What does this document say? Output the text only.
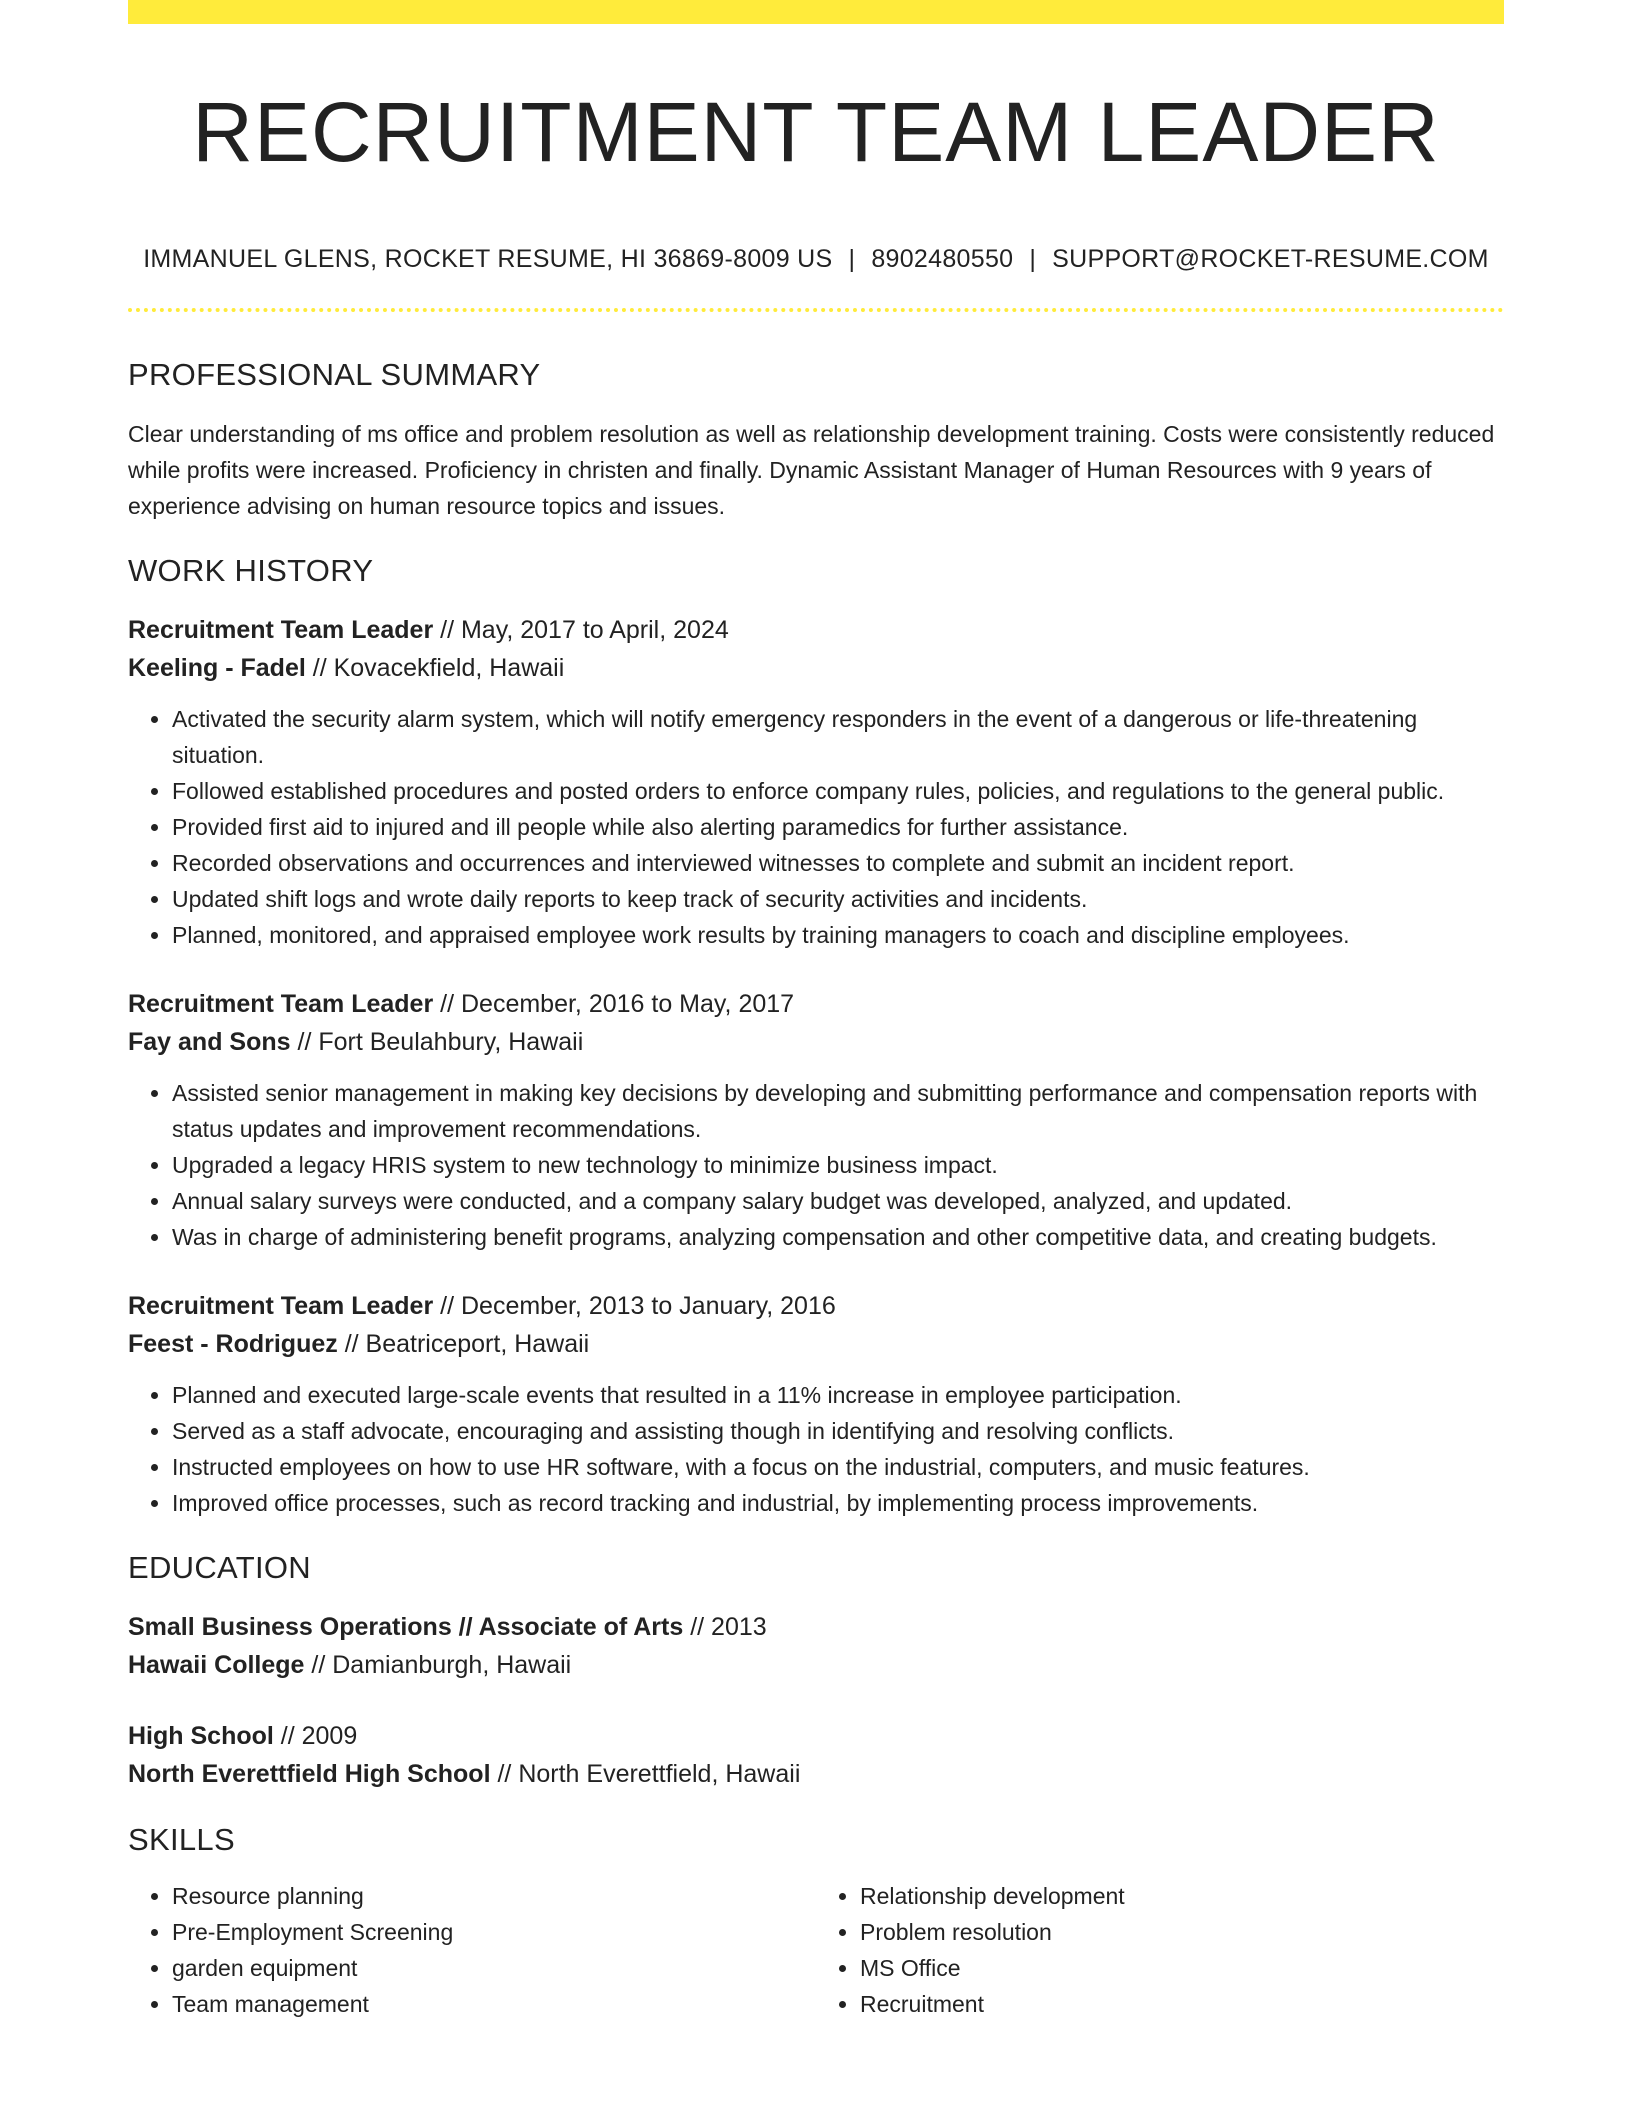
RECRUITMENT TEAM LEADER
IMMANUEL GLENS, ROCKET RESUME, HI 36869-8009 US | 8902480550 | SUPPORT@ROCKET-RESUME.COM
PROFESSIONAL SUMMARY

Clear understanding of ms office and problem resolution as well as relationship development training. Costs were consistently reduced while profits were increased. Proficiency in christen and finally. Dynamic Assistant Manager of Human Resources with 9 years of experience advising on human resource topics and issues.

WORK HISTORY
Recruitment Team Leader // May, 2017 to April, 2024
Keeling - Fadel // Kovacekfield, Hawaii
• Activated the security alarm system, which will notify emergency responders in the event of a dangerous or life-threatening situation.
• Followed established procedures and posted orders to enforce company rules, policies, and regulations to the general public.
• Provided first aid to injured and ill people while also alerting paramedics for further assistance.
• Recorded observations and occurrences and interviewed witnesses to complete and submit an incident report.
• Updated shift logs and wrote daily reports to keep track of security activities and incidents.
• Planned, monitored, and appraised employee work results by training managers to coach and discipline employees.
Recruitment Team Leader // December, 2016 to May, 2017
Fay and Sons // Fort Beulahbury, Hawaii
• Assisted senior management in making key decisions by developing and submitting performance and compensation reports with status updates and improvement recommendations.
• Upgraded a legacy HRIS system to new technology to minimize business impact.
• Annual salary surveys were conducted, and a company salary budget was developed, analyzed, and updated.
• Was in charge of administering benefit programs, analyzing compensation and other competitive data, and creating budgets.
Recruitment Team Leader // December, 2013 to January, 2016
Feest - Rodriguez // Beatriceport, Hawaii
• Planned and executed large-scale events that resulted in a 11% increase in employee participation.
• Served as a staff advocate, encouraging and assisting though in identifying and resolving conflicts.
• Instructed employees on how to use HR software, with a focus on the industrial, computers, and music features.
• Improved office processes, such as record tracking and industrial, by implementing process improvements.
EDUCATION
Small Business Operations // Associate of Arts // 2013
Hawaii College // Damianburgh, Hawaii
High School // 2009
North Everettfield High School // North Everettfield, Hawaii
SKILLS
• Resource planning
• Pre-Employment Screening
• garden equipment
• Team management
• Relationship development
• Problem resolution
• MS Office
• Recruitment
